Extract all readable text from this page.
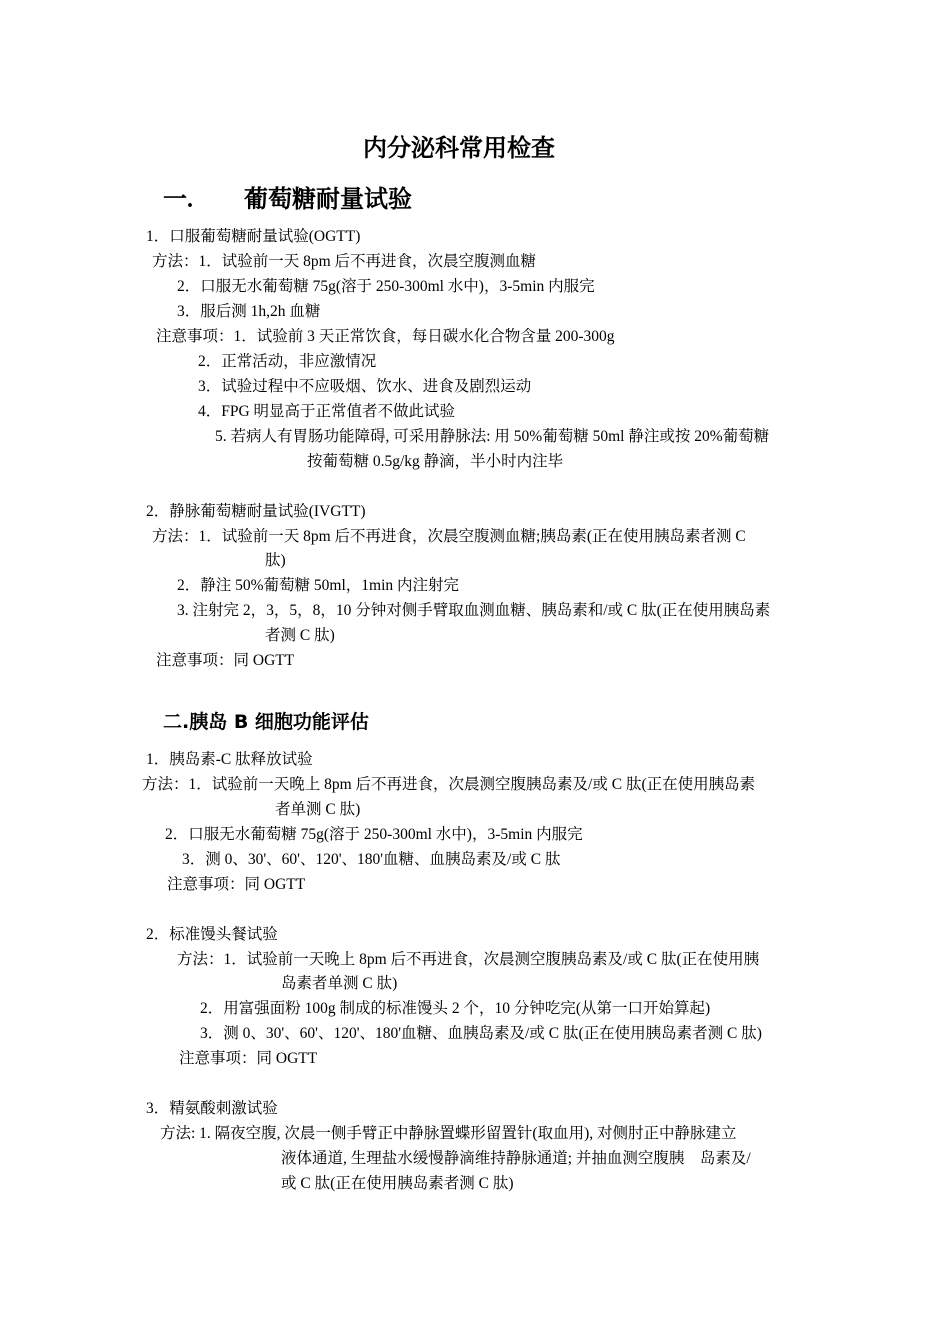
内分泌科常用检查
一. 葡萄糖耐量试验
1．口服葡萄糖耐量试验(OGTT)
方法：1．试验前一天 8pm 后不再进食，次晨空腹测血糖
2．口服无水葡萄糖 75g(溶于 250-300ml 水中)，3-5min 内服完
3．服后测 1h,2h 血糖
注意事项：1．试验前 3 天正常饮食，每日碳水化合物含量 200-300g
2．正常活动，非应激情况
3．试验过程中不应吸烟、饮水、进食及剧烈运动
4．FPG 明显高于正常值者不做此试验
5. 若病人有胃肠功能障碍, 可采用静脉法: 用 50%葡萄糖 50ml 静注或按 20%葡萄糖
按葡萄糖 0.5g/kg 静滴，半小时内注毕
2．静脉葡萄糖耐量试验(IVGTT)
方法：1．试验前一天 8pm 后不再进食，次晨空腹测血糖;胰岛素(正在使用胰岛素者测 C
肽)
2．静注 50%葡萄糖 50ml，1min 内注射完
3. 注射完 2，3，5，8，10 分钟对侧手臂取血测血糖、胰岛素和/或 C 肽(正在使用胰岛素
者测 C 肽)
注意事项：同 OGTT
二.胰岛 B 细胞功能评估
1．胰岛素-C 肽释放试验
方法：1．试验前一天晚上 8pm 后不再进食，次晨测空腹胰岛素及/或 C 肽(正在使用胰岛素
者单测 C 肽)
2．口服无水葡萄糖 75g(溶于 250-300ml 水中)，3-5min 内服完
3．测 0、30'、60'、120'、180'血糖、血胰岛素及/或 C 肽
注意事项：同 OGTT
2．标准馒头餐试验
方法：1．试验前一天晚上 8pm 后不再进食，次晨测空腹胰岛素及/或 C 肽(正在使用胰
岛素者单测 C 肽)
2．用富强面粉 100g 制成的标准馒头 2 个，10 分钟吃完(从第一口开始算起)
3．测 0、30'、60'、120'、180'血糖、血胰岛素及/或 C 肽(正在使用胰岛素者测 C 肽)
注意事项：同 OGTT
3．精氨酸刺激试验
方法: 1. 隔夜空腹, 次晨一侧手臂正中静脉置蝶形留置针(取血用), 对侧肘正中静脉建立
液体通道, 生理盐水缓慢静滴维持静脉通道; 并抽血测空腹胰　岛素及/
或 C 肽(正在使用胰岛素者测 C 肽)
